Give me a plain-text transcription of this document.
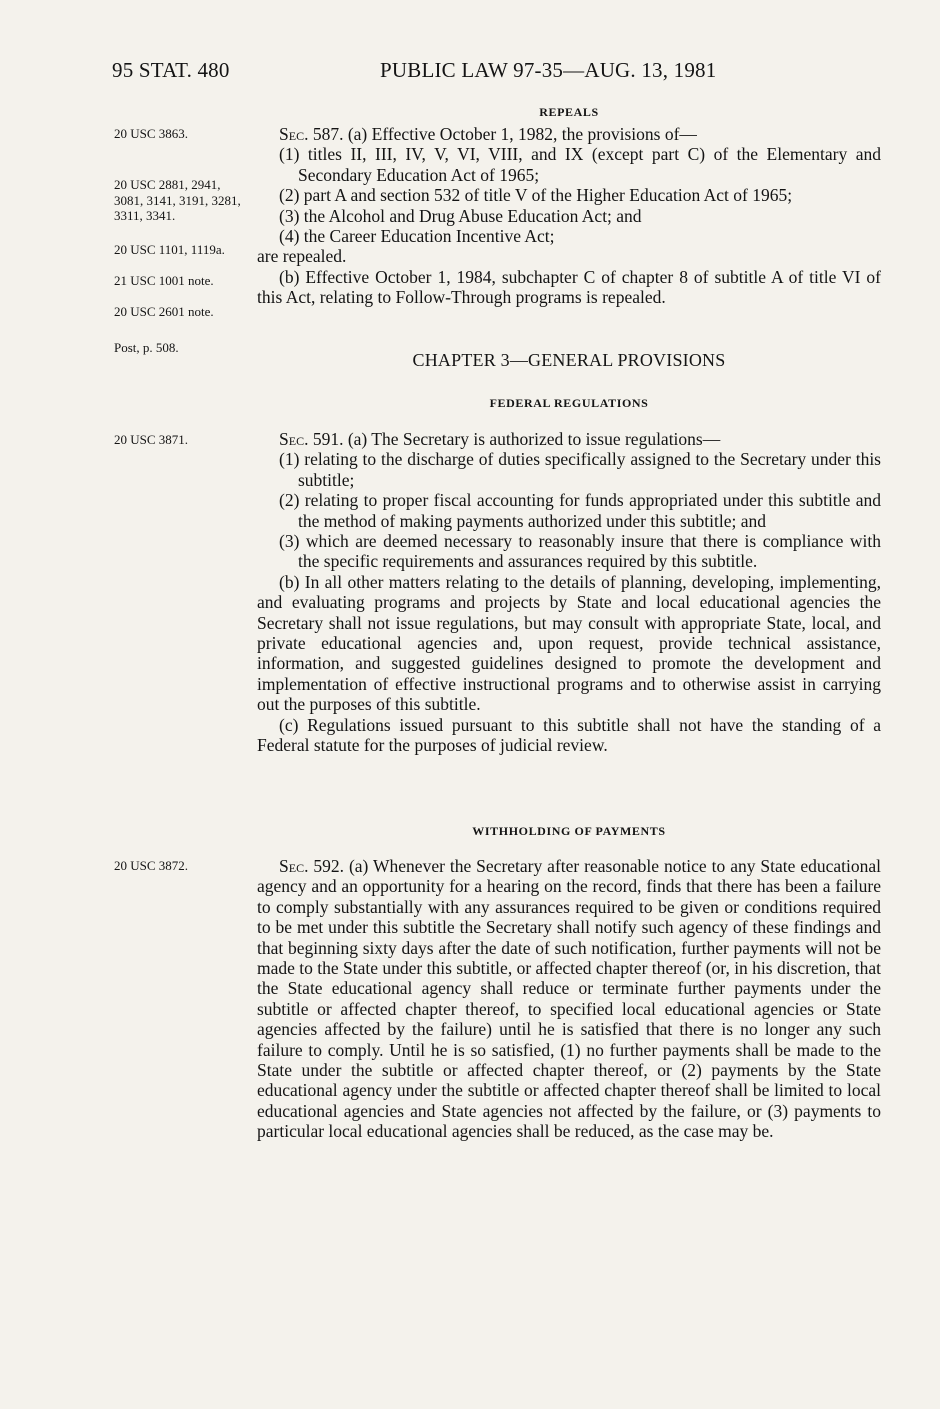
95 STAT. 480	PUBLIC LAW 97-35—AUG. 13, 1981
20 USC 3863.
20 USC 2881, 2941, 3081, 3141, 3191, 3281, 3311, 3341.
20 USC 1101, 1119a.
21 USC 1001 note.
20 USC 2601 note.
Post, p. 508.
20 USC 3871.
20 USC 3872.
REPEALS

Sec. 587. (a) Effective October 1, 1982, the provisions of—

(1) titles II, III, IV, V, VI, VIII, and IX (except part C) of the Elementary and Secondary Education Act of 1965;

(2) part A and section 532 of title V of the Higher Education Act of 1965;

(3) the Alcohol and Drug Abuse Education Act; and

(4) the Career Education Incentive Act;

are repealed.

(b) Effective October 1, 1984, subchapter C of chapter 8 of subtitle A of title VI of this Act, relating to Follow-Through programs is repealed.

CHAPTER 3—GENERAL PROVISIONS
FEDERAL REGULATIONS

Sec. 591. (a) The Secretary is authorized to issue regulations—

(1) relating to the discharge of duties specifically assigned to the Secretary under this subtitle;

(2) relating to proper fiscal accounting for funds appropriated under this subtitle and the method of making payments authorized under this subtitle; and

(3) which are deemed necessary to reasonably insure that there is compliance with the specific requirements and assurances required by this subtitle.

(b) In all other matters relating to the details of planning, developing, implementing, and evaluating programs and projects by State and local educational agencies the Secretary shall not issue regulations, but may consult with appropriate State, local, and private educational agencies and, upon request, provide technical assistance, information, and suggested guidelines designed to promote the development and implementation of effective instructional programs and to otherwise assist in carrying out the purposes of this subtitle.

(c) Regulations issued pursuant to this subtitle shall not have the standing of a Federal statute for the purposes of judicial review.

WITHHOLDING OF PAYMENTS

Sec. 592. (a) Whenever the Secretary after reasonable notice to any State educational agency and an opportunity for a hearing on the record, finds that there has been a failure to comply substantially with any assurances required to be given or conditions required to be met under this subtitle the Secretary shall notify such agency of these findings and that beginning sixty days after the date of such notification, further payments will not be made to the State under this subtitle, or affected chapter thereof (or, in his discretion, that the State educational agency shall reduce or terminate further payments under the subtitle or affected chapter thereof, to specified local educational agencies or State agencies affected by the failure) until he is satisfied that there is no longer any such failure to comply. Until he is so satisfied, (1) no further payments shall be made to the State under the subtitle or affected chapter thereof, or (2) payments by the State educational agency under the subtitle or affected chapter thereof shall be limited to local educational agencies and State agencies not affected by the failure, or (3) payments to particular local educational agencies shall be reduced, as the case may be.
